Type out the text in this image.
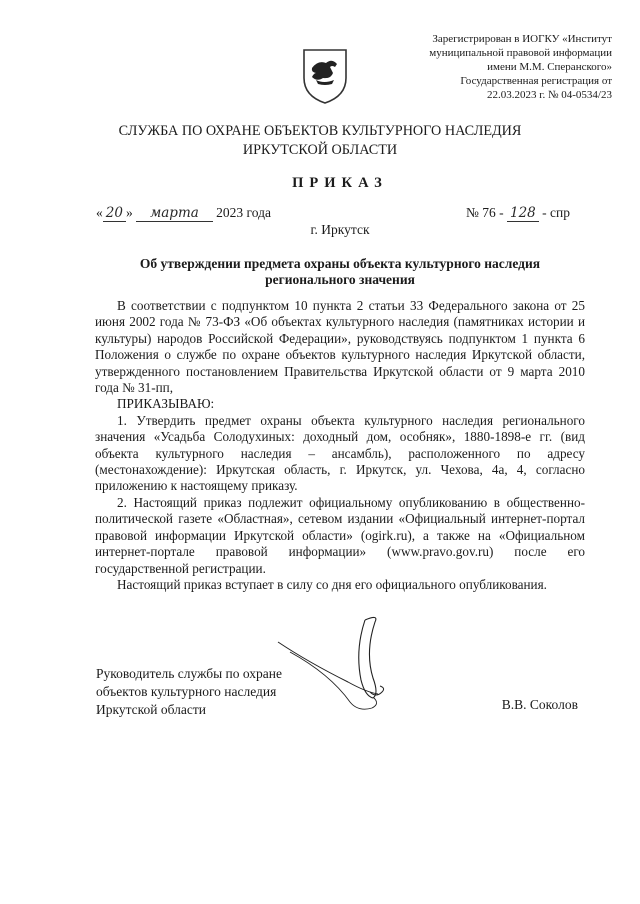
Зарегистрирован в ИОГКУ «Институт
муниципальной правовой информации
имени М.М. Сперанского»
Государственная регистрация от
22.03.2023 г. № 04-0534/23
СЛУЖБА ПО ОХРАНЕ ОБЪЕКТОВ КУЛЬТУРНОГО НАСЛЕДИЯ
ИРКУТСКОЙ ОБЛАСТИ
ПРИКАЗ
« 20 » марта 2023 года	№ 76 - 128 - спр
г. Иркутск
Об утверждении предмета охраны объекта культурного наследия
регионального значения

В соответствии с подпунктом 10 пункта 2 статьи 33 Федерального закона от 25 июня 2002 года № 73-ФЗ «Об объектах культурного наследия (памятниках истории и культуры) народов Российской Федерации», руководствуясь подпунктом 1 пункта 6 Положения о службе по охране объектов культурного наследия Иркутской области, утвержденного постановлением Правительства Иркутской области от 9 марта 2010 года № 31-пп,

ПРИКАЗЫВАЮ:

1. Утвердить предмет охраны объекта культурного наследия регионального значения «Усадьба Солодухиных: доходный дом, особняк», 1880-1898-е гг. (вид объекта культурного наследия – ансамбль), расположенного по адресу (местонахождение): Иркутская область, г. Иркутск, ул. Чехова, 4а, 4, согласно приложению к настоящему приказу.

2. Настоящий приказ подлежит официальному опубликованию в общественно-политической газете «Областная», сетевом издании «Официальный интернет-портал правовой информации Иркутской области» (ogirk.ru), а также на «Официальном интернет-портале правовой информации» (www.pravo.gov.ru) после его государственной регистрации.

Настоящий приказ вступает в силу со дня его официального опубликования.

Руководитель службы по охране
объектов культурного наследия
Иркутской области	В.В. Соколов
